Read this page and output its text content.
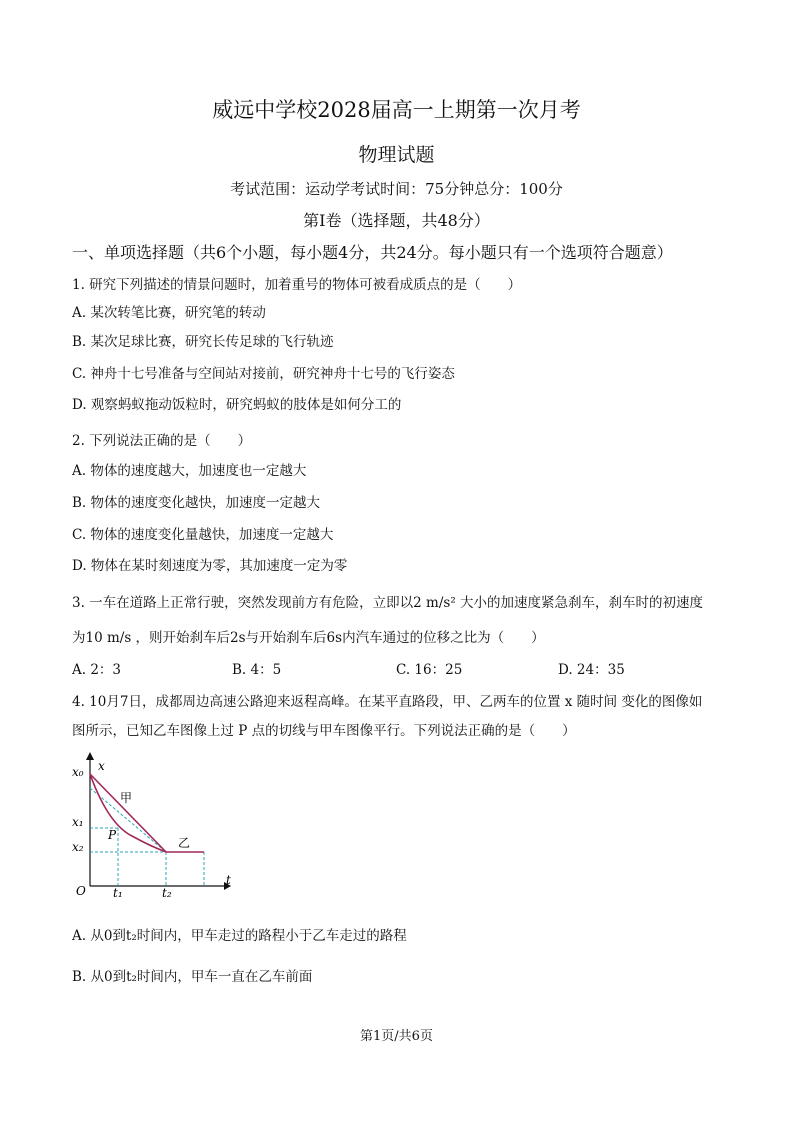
威远中学校2028届高一上期第一次月考
物理试题
考试范围：运动学考试时间：75分钟总分：100分
第Ⅰ卷（选择题，共48分）
一、单项选择题（共6个小题，每小题4分，共24分。每小题只有一个选项符合题意）
1. 研究下列描述的情景问题时，加着重号的物体可被看成质点的是（　　）
A. 某次转笔比赛，研究笔的转动
B. 某次足球比赛，研究长传足球的飞行轨迹
C. 神舟十七号准备与空间站对接前，研究神舟十七号的飞行姿态
D. 观察蚂蚁拖动饭粒时，研究蚂蚁的肢体是如何分工的
2. 下列说法正确的是（　　）
A. 物体的速度越大，加速度也一定越大
B. 物体的速度变化越快，加速度一定越大
C. 物体的速度变化量越快，加速度一定越大
D. 物体在某时刻速度为零，其加速度一定为零
3. 一车在道路上正常行驶，突然发现前方有危险，立即以2 m/s² 大小的加速度紧急刹车，刹车时的初速度
为10 m/s ，则开始刹车后2s与开始刹车后6s内汽车通过的位移之比为（　　）
A. 2：3	B. 4：5	C. 16：25	D. 24：35
4. 10月7日，成都周边高速公路迎来返程高峰。在某平直路段，甲、乙两车的位置 x 随时间 变化的图像如
图所示，已知乙车图像上过 P 点的切线与甲车图像平行。下列说法正确的是（　　）
x
t
O
x₀
x₁
x₂
t₁	t₂
甲
乙
P
A. 从0到t₂时间内，甲车走过的路程小于乙车走过的路程
B. 从0到t₂时间内，甲车一直在乙车前面
第1页/共6页
